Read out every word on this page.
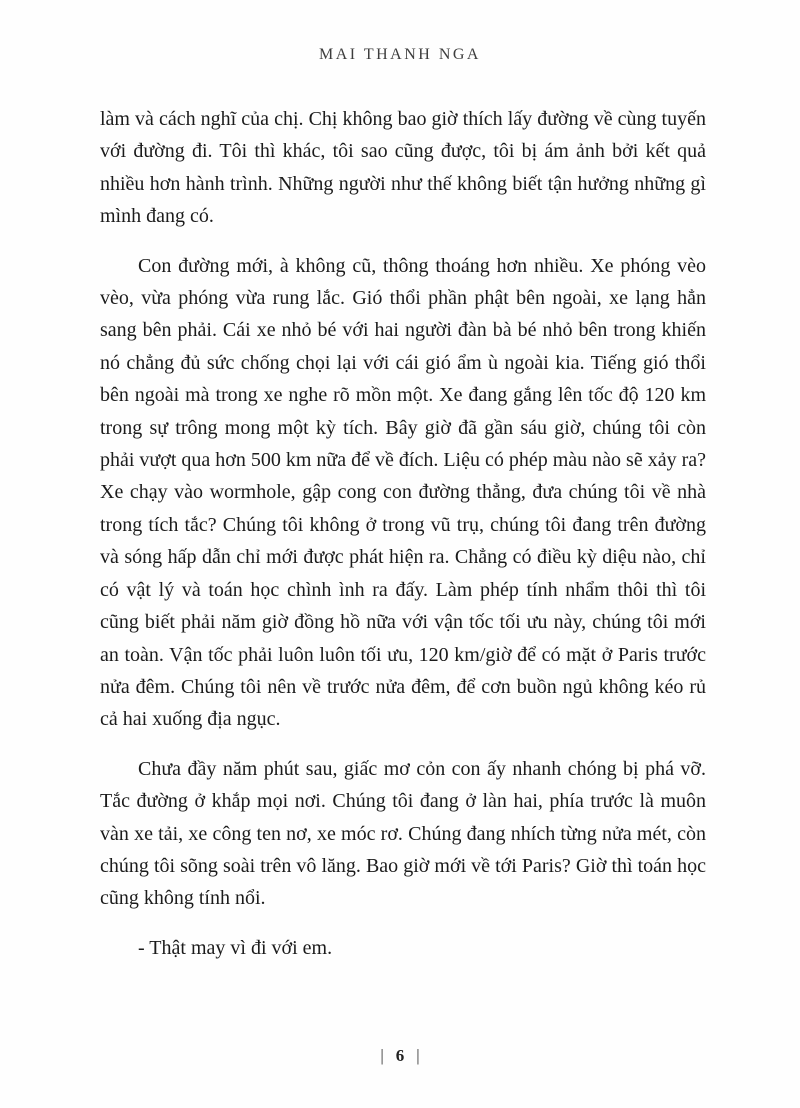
MAI THANH NGA

làm và cách nghĩ của chị. Chị không bao giờ thích lấy đường về cùng tuyến với đường đi. Tôi thì khác, tôi sao cũng được, tôi bị ám ảnh bởi kết quả nhiều hơn hành trình. Những người như thế không biết tận hưởng những gì mình đang có.

Con đường mới, à không cũ, thông thoáng hơn nhiều. Xe phóng vèo vèo, vừa phóng vừa rung lắc. Gió thổi phần phật bên ngoài, xe lạng hẳn sang bên phải. Cái xe nhỏ bé với hai người đàn bà bé nhỏ bên trong khiến nó chẳng đủ sức chống chọi lại với cái gió ẩm ù ngoài kia. Tiếng gió thổi bên ngoài mà trong xe nghe rõ mồn một. Xe đang gắng lên tốc độ 120 km trong sự trông mong một kỳ tích. Bây giờ đã gần sáu giờ, chúng tôi còn phải vượt qua hơn 500 km nữa để về đích. Liệu có phép màu nào sẽ xảy ra? Xe chạy vào wormhole, gập cong con đường thẳng, đưa chúng tôi về nhà trong tích tắc? Chúng tôi không ở trong vũ trụ, chúng tôi đang trên đường và sóng hấp dẫn chỉ mới được phát hiện ra. Chẳng có điều kỳ diệu nào, chỉ có vật lý và toán học chình ình ra đấy. Làm phép tính nhẩm thôi thì tôi cũng biết phải năm giờ đồng hồ nữa với vận tốc tối ưu này, chúng tôi mới an toàn. Vận tốc phải luôn luôn tối ưu, 120 km/giờ để có mặt ở Paris trước nửa đêm. Chúng tôi nên về trước nửa đêm, để cơn buồn ngủ không kéo rủ cả hai xuống địa ngục.

Chưa đầy năm phút sau, giấc mơ cỏn con ấy nhanh chóng bị phá vỡ. Tắc đường ở khắp mọi nơi. Chúng tôi đang ở làn hai, phía trước là muôn vàn xe tải, xe công ten nơ, xe móc rơ. Chúng đang nhích từng nửa mét, còn chúng tôi sõng soài trên vô lăng. Bao giờ mới về tới Paris? Giờ thì toán học cũng không tính nổi.

- Thật may vì đi với em.

| 6 |
